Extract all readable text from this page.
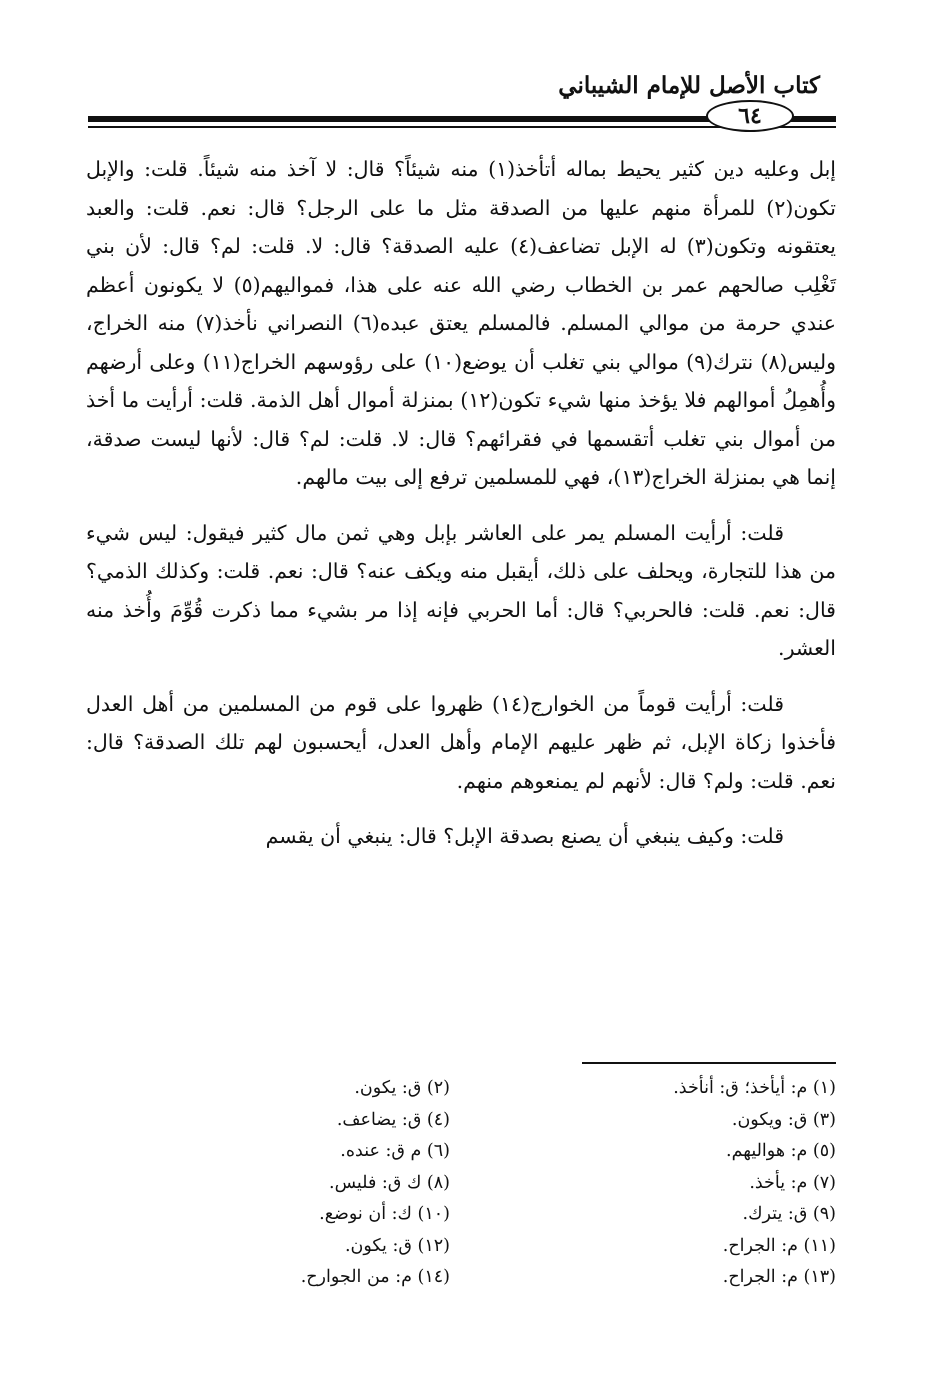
كتاب الأصل للإمام الشيباني
٦٤

إبل وعليه دين كثير يحيط بماله أتأخذ(١) منه شيئاً؟ قال: لا آخذ منه شيئاً. قلت: والإبل تكون(٢) للمرأة منهم عليها من الصدقة مثل ما على الرجل؟ قال: نعم. قلت: والعبد يعتقونه وتكون(٣) له الإبل تضاعف(٤) عليه الصدقة؟ قال: لا. قلت: لم؟ قال: لأن بني تَغْلِب صالحهم عمر بن الخطاب رضي الله عنه على هذا، فمواليهم(٥) لا يكونون أعظم عندي حرمة من موالي المسلم. فالمسلم يعتق عبده(٦) النصراني نأخذ(٧) منه الخراج، وليس(٨) نترك(٩) موالي بني تغلب أن يوضع(١٠) على رؤوسهم الخراج(١١) وعلى أرضهم وأُهمِلُ أموالهم فلا يؤخذ منها شيء تكون(١٢) بمنزلة أموال أهل الذمة. قلت: أرأيت ما أخذ من أموال بني تغلب أتقسمها في فقرائهم؟ قال: لا. قلت: لم؟ قال: لأنها ليست صدقة، إنما هي بمنزلة الخراج(١٣)، فهي للمسلمين ترفع إلى بيت مالهم.

قلت: أرأيت المسلم يمر على العاشر بإبل وهي ثمن مال كثير فيقول: ليس شيء من هذا للتجارة، ويحلف على ذلك، أيقبل منه ويكف عنه؟ قال: نعم. قلت: وكذلك الذمي؟ قال: نعم. قلت: فالحربي؟ قال: أما الحربي فإنه إذا مر بشيء مما ذكرت قُوِّمَ وأُخذ منه العشر.

قلت: أرأيت قوماً من الخوارج(١٤) ظهروا على قوم من المسلمين من أهل العدل فأخذوا زكاة الإبل، ثم ظهر عليهم الإمام وأهل العدل، أيحسبون لهم تلك الصدقة؟ قال: نعم. قلت: ولم؟ قال: لأنهم لم يمنعوهم منهم.

قلت: وكيف ينبغي أن يصنع بصدقة الإبل؟ قال: ينبغي أن يقسم

(١) م: أيأخذ؛ ق: أنأخذ.
(٢) ق: يكون.
(٣) ق: ويكون.
(٤) ق: يضاعف.
(٥) م: هواليهم.
(٦) م ق: عنده.
(٧) م: يأخذ.
(٨) ك ق: فليس.
(٩) ق: يترك.
(١٠) ك: أن نوضع.
(١١) م: الجراح.
(١٢) ق: يكون.
(١٣) م: الجراح.
(١٤) م: من الجوارح.
